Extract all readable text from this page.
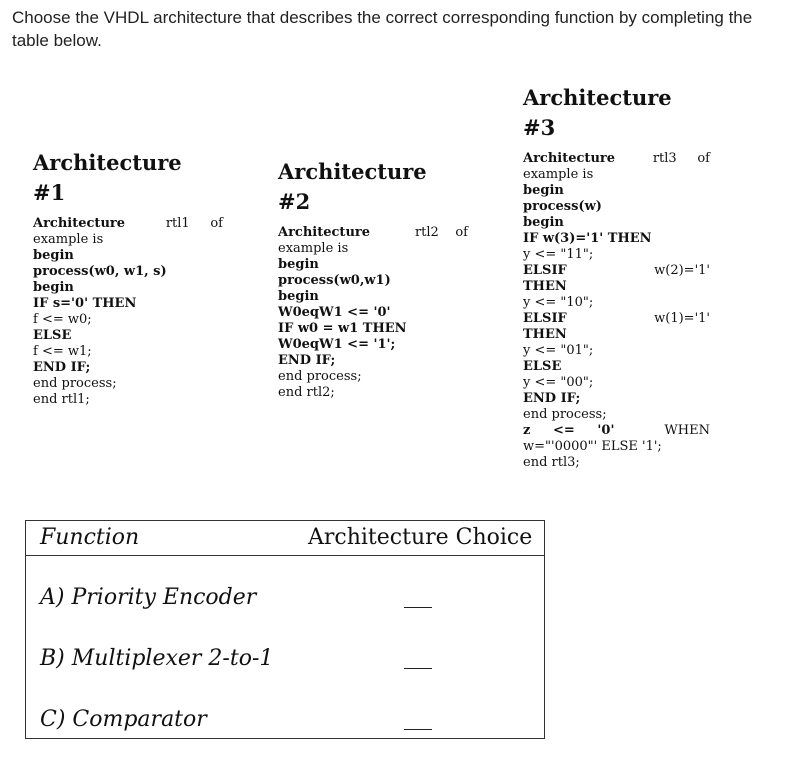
Choose the VHDL architecture that describes the correct corresponding function by completing the table below.
Architecture
#1
Architecture	rtl1     of
example is
begin
process(w0, w1, s)
begin
IF s='0' THEN
f <= w0;
ELSE
f <= w1;
END IF;
end process;
end rtl1;
Architecture
#2
Architecture	rtl2    of
example is
begin
process(w0,w1)
begin
W0eqW1 <= '0'
IF w0 = w1 THEN
W0eqW1 <= '1';
END IF;
end process;
end rtl2;
Architecture
#3
Architecture	rtl3     of
example is
begin
process(w)
begin
IF w(3)='1' THEN
y <= "11";
ELSIF	w(2)='1'
THEN
y <= "10";
ELSIF	w(1)='1'
THEN
y <= "01";
ELSE
y <= "00";
END IF;
end process;
z     <=     '0'	WHEN
w="'0000"' ELSE '1';
end rtl3;
Function	Architecture Choice
A) Priority Encoder
B) Multiplexer 2-to-1
C) Comparator
